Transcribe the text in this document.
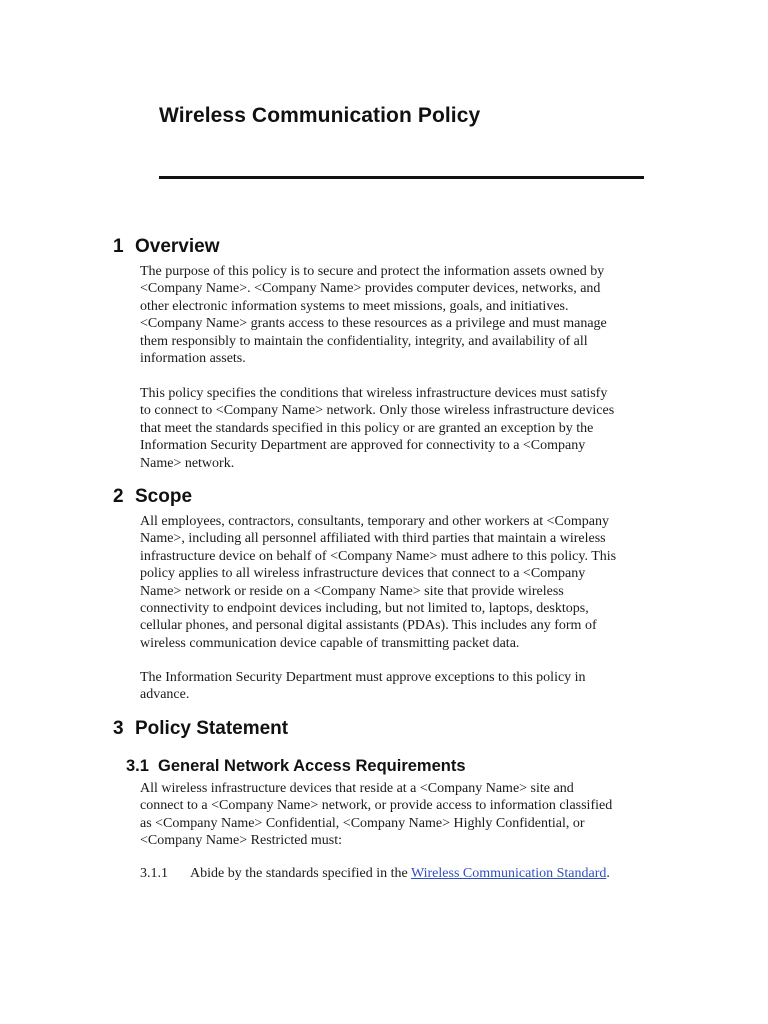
Wireless Communication Policy
1 Overview
The purpose of this policy is to secure and protect the information assets owned by
<Company Name>. <Company Name> provides computer devices, networks, and
other electronic information systems to meet missions, goals, and initiatives.
<Company Name> grants access to these resources as a privilege and must manage
them responsibly to maintain the confidentiality, integrity, and availability of all
information assets.
This policy specifies the conditions that wireless infrastructure devices must satisfy
to connect to <Company Name> network. Only those wireless infrastructure devices
that meet the standards specified in this policy or are granted an exception by the
Information Security Department are approved for connectivity to a <Company
Name> network.
2 Scope
All employees, contractors, consultants, temporary and other workers at <Company
Name>, including all personnel affiliated with third parties that maintain a wireless
infrastructure device on behalf of <Company Name> must adhere to this policy. This
policy applies to all wireless infrastructure devices that connect to a <Company
Name> network or reside on a <Company Name> site that provide wireless
connectivity to endpoint devices including, but not limited to, laptops, desktops,
cellular phones, and personal digital assistants (PDAs). This includes any form of
wireless communication device capable of transmitting packet data.
The Information Security Department must approve exceptions to this policy in
advance.
3 Policy Statement
3.1 General Network Access Requirements
All wireless infrastructure devices that reside at a <Company Name> site and
connect to a <Company Name> network, or provide access to information classified
as <Company Name> Confidential, <Company Name> Highly Confidential, or
<Company Name> Restricted must:
3.1.1 Abide by the standards specified in the Wireless Communication Standard.
